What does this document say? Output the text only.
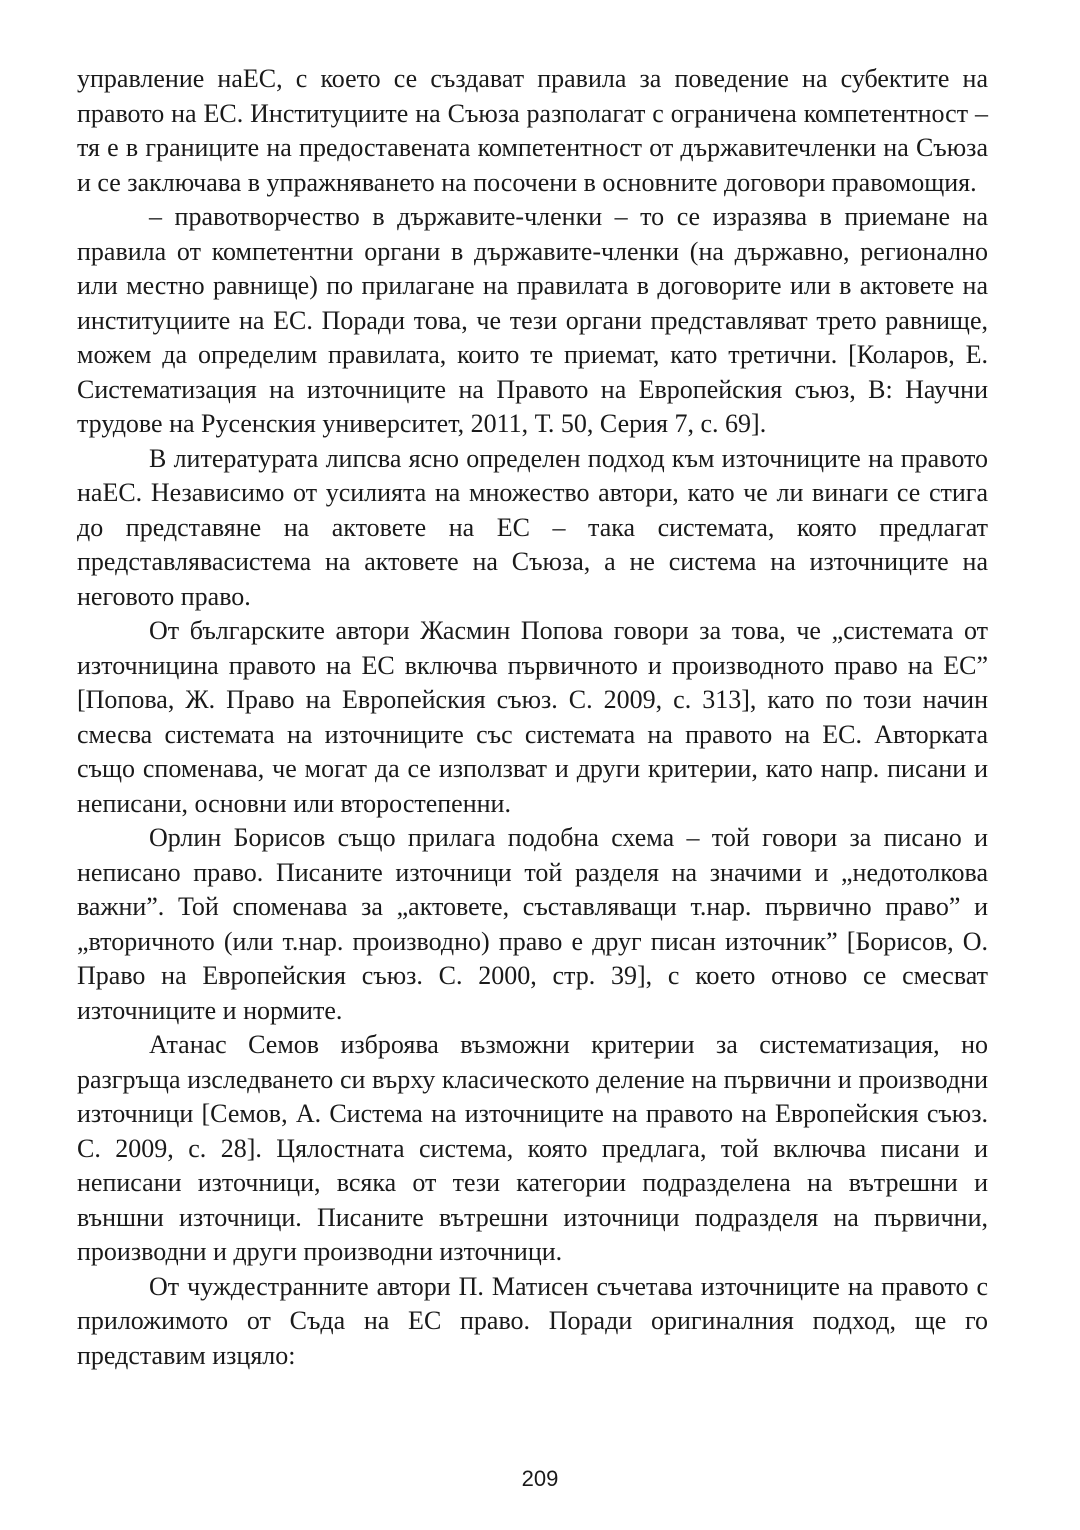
управление наЕС, с което се създават правила за поведение на субектите на правото на ЕС. Институциите на Съюза разполагат с ограничена компетентност – тя е в границите на предоставената компетентност от държавитечленки на Съюза и се заключава в упражняването на посочени в основните договори правомощия.

– правотворчество в държавите-членки – то се изразява в приемане на правила от компетентни органи в държавите-членки (на държавно, регионално или местно равнище) по прилагане на правилата в договорите или в актовете на институциите на ЕС. Поради това, че тези органи представляват трето равнище, можем да определим правилата, които те приемат, като третични. [Коларов, Е. Систематизация на източниците на Правото на Европейския съюз, В: Научни трудове на Русенския университет, 2011, Т. 50, Серия 7, с. 69].

В литературата липсва ясно определен подход към източниците на правото наЕС. Независимо от усилията на множество автори, като че ли винаги се стига до представяне на актовете на ЕС – така системата, която предлагат представлявасистема на актовете на Съюза, а не система на източниците на неговото право.

От българските автори Жасмин Попова говори за това, че „системата от източницина правото на ЕС включва първичното и производното право на ЕС” [Попова, Ж. Право на Европейския съюз. С. 2009, с. 313], като по този начин смесва системата на източниците със системата на правото на ЕС. Авторката също споменава, че могат да се използват и други критерии, като напр. писани и неписани, основни или второстепенни.

Орлин Борисов също прилага подобна схема – той говори за писано и неписано право. Писаните източници той разделя на значими и „недотолкова важни”. Той споменава за „актовете, съставляващи т.нар. първично право” и „вторичното (или т.нар. производно) право е друг писан източник” [Борисов, О. Право на Европейския съюз. С. 2000, стр. 39], с което отново се смесват източниците и нормите.

Атанас Семов изброява възможни критерии за систематизация, но разгръща изследването си върху класическото деление на първични и производни източници [Семов, А. Система на източниците на правото на Европейския съюз. С. 2009, с. 28]. Цялостната система, която предлага, той включва писани и неписани източници, всяка от тези категории подразделена на вътрешни и външни източници. Писаните вътрешни източници подразделя на първични, производни и други производни източници.

От чуждестранните автори П. Матисен съчетава източниците на правото с приложимото от Съда на ЕС право. Поради оригиналния подход, ще го представим изцяло:

209
